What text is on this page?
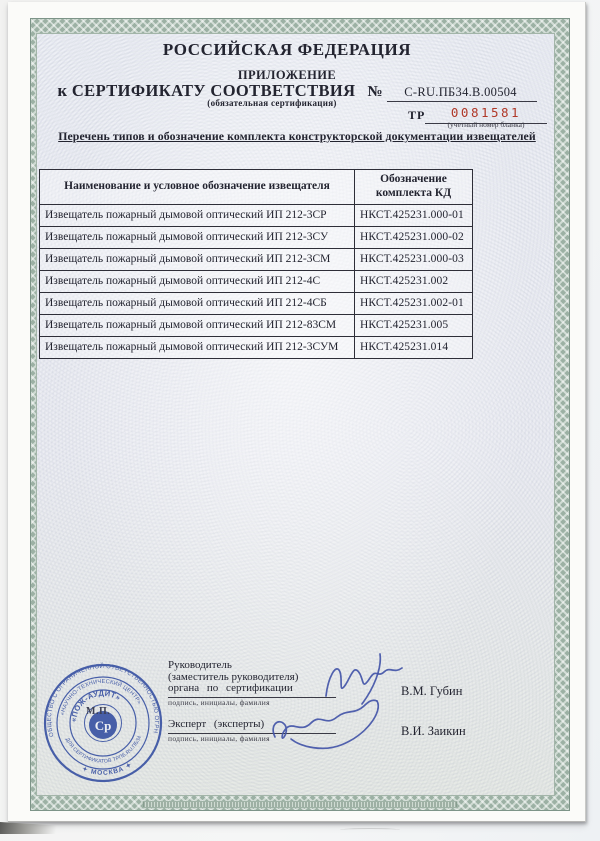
РОССИЙСКАЯ ФЕДЕРАЦИЯ
ПРИЛОЖЕНИЕ
к СЕРТИФИКАТУ СООТВЕТСТВИЯ № C-RU.ПБ34.В.00504
(обязательная сертификация)
ТР	0081581
(учетный номер бланка)
Перечень типов и обозначение комплекта конструкторской документации извещателей
Наименование и условное обозначение извещателя	Обозначение комплекта КД
Извещатель пожарный дымовой оптический ИП 212-3СР	НКСТ.425231.000-01
Извещатель пожарный дымовой оптический ИП 212-3СУ	НКСТ.425231.000-02
Извещатель пожарный дымовой оптический ИП 212-3СМ	НКСТ.425231.000-03
Извещатель пожарный дымовой оптический ИП 212-4С	НКСТ.425231.002
Извещатель пожарный дымовой оптический ИП 212-4СБ	НКСТ.425231.002-01
Извещатель пожарный дымовой оптический ИП 212-83СМ	НКСТ.425231.005
Извещатель пожарный дымовой оптический ИП 212-3СУМ	НКСТ.425231.014
ОБЩЕСТВО С ОГРАНИЧЕННОЙ ОТВЕТСТВЕННОСТЬЮ ОГРН
✦ МОСКВА ✦
«НАУЧНО-ТЕХНИЧЕСКИЙ ЦЕНТР»
ДЛЯ СЕРТИФИКАТОВ ТРПБ.RU.ПБ34
«ПОЖ-АУДИТ»
Ср
М.П.
Руководитель
(заместитель руководителя)
органа по сертификации
подпись, инициалы, фамилия
В.М. Губин
Эксперт (эксперты)
подпись, инициалы, фамилия
В.И. Заикин
